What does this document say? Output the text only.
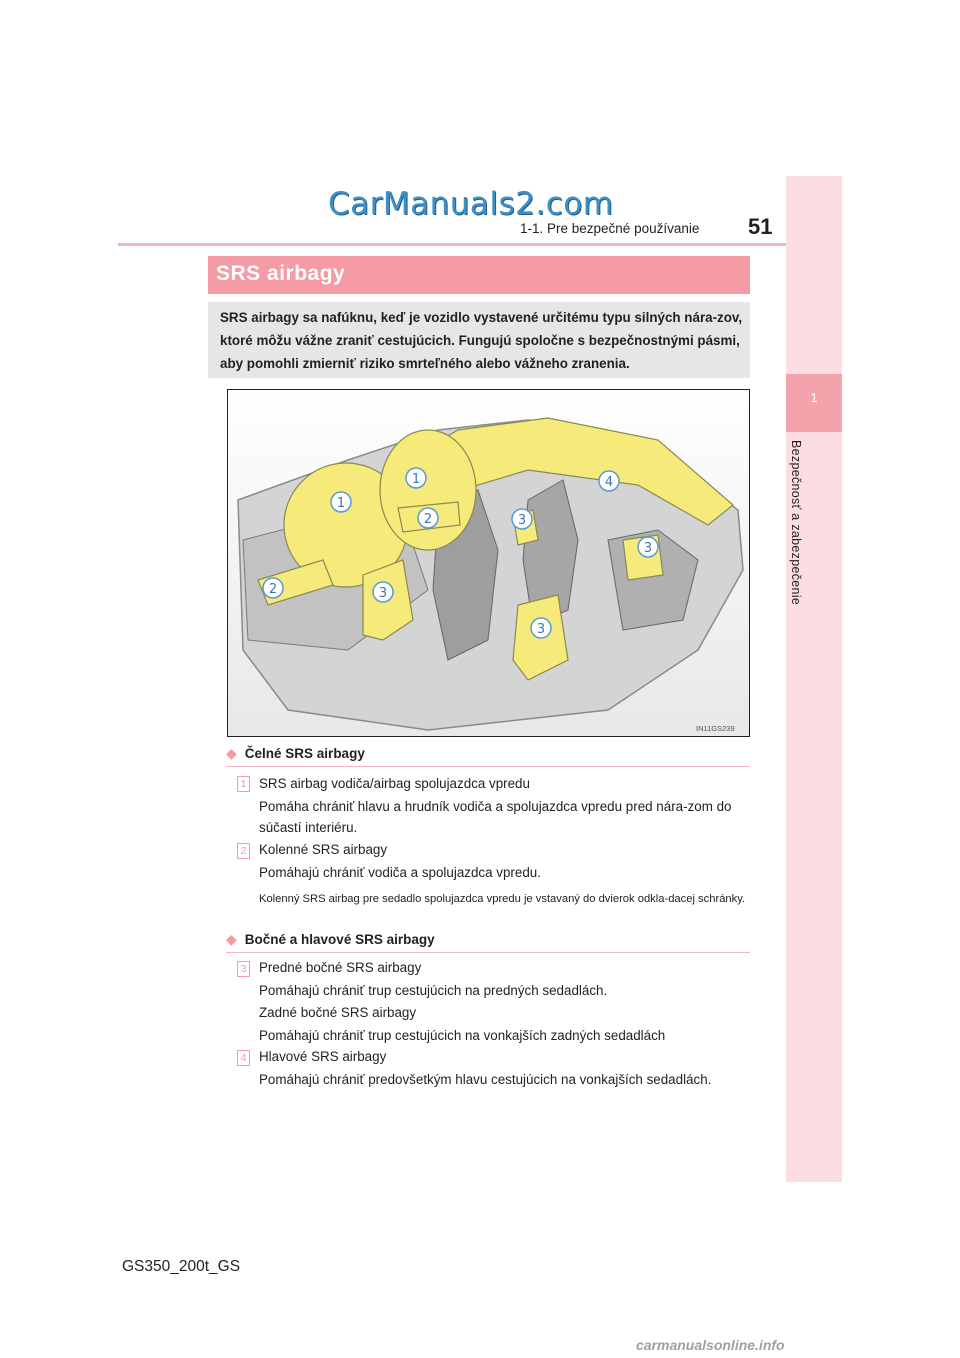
CarManuals2.com
1-1. Pre bezpečné používanie 51
1
Bezpečnosť a zabezpečenie
SRS airbagy
SRS airbagy sa nafúknu, keď je vozidlo vystavené určitému typu silných nára-zov, ktoré môžu vážne zraniť cestujúcich. Fungujú spoločne s bezpečnostnými pásmi, aby pomohli zmierniť riziko smrteľného alebo vážneho zranenia.
1
1
2
2	3
3
3
3
4
IN11GS239
◆ Čelné SRS airbagy
1 SRS airbag vodiča/airbag spolujazdca vpredu
Pomáha chrániť hlavu a hrudník vodiča a spolujazdca vpredu pred nára-zom do súčastí interiéru.
2 Kolenné SRS airbagy
Pomáhajú chrániť vodiča a spolujazdca vpredu.
Kolenný SRS airbag pre sedadlo spolujazdca vpredu je vstavaný do dvierok odkla-dacej schránky.
◆ Bočné a hlavové SRS airbagy
3 Predné bočné SRS airbagy
Pomáhajú chrániť trup cestujúcich na predných sedadlách.
Zadné bočné SRS airbagy
Pomáhajú chrániť trup cestujúcich na vonkajších zadných sedadlách
4 Hlavové SRS airbagy
Pomáhajú chrániť predovšetkým hlavu cestujúcich na vonkajších sedadlách.
GS350_200t_GS
carmanualsonline.info
